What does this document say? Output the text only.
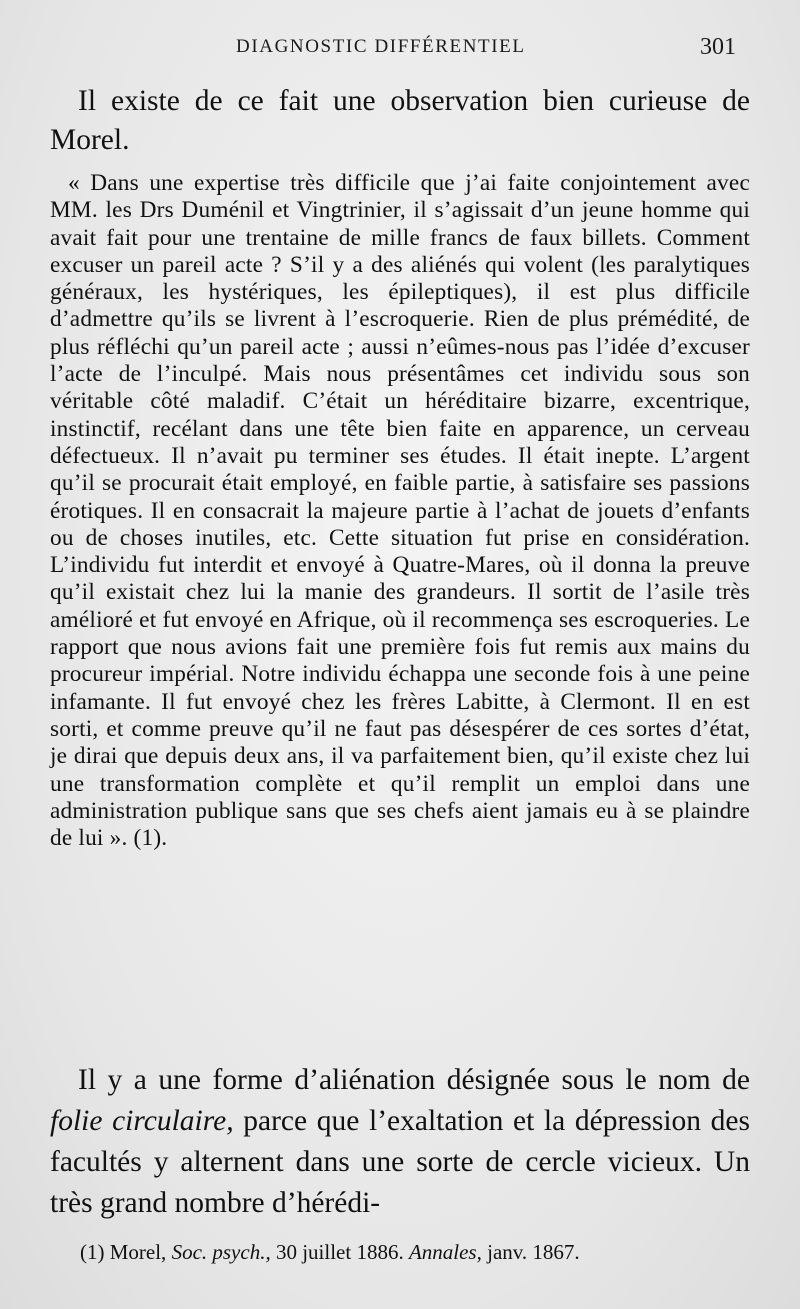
DIAGNOSTIC DIFFÉRENTIEL	301

Il existe de ce fait une observation bien curieuse de Morel.

« Dans une expertise très difficile que j’ai faite conjointement avec MM. les Drs Duménil et Vingtrinier, il s’agissait d’un jeune homme qui avait fait pour une trentaine de mille francs de faux billets. Comment excuser un pareil acte ? S’il y a des aliénés qui volent (les paralytiques généraux, les hystériques, les épileptiques), il est plus difficile d’admettre qu’ils se livrent à l’escroquerie. Rien de plus prémédité, de plus réfléchi qu’un pareil acte ; aussi n’eûmes-nous pas l’idée d’excuser l’acte de l’inculpé. Mais nous présentâmes cet individu sous son véritable côté maladif. C’était un héréditaire bizarre, excentrique, instinctif, recélant dans une tête bien faite en apparence, un cerveau défectueux. Il n’avait pu terminer ses études. Il était inepte. L’argent qu’il se procurait était employé, en faible partie, à satisfaire ses passions érotiques. Il en consacrait la majeure partie à l’achat de jouets d’enfants ou de choses inutiles, etc. Cette situation fut prise en considération. L’individu fut interdit et envoyé à Quatre-Mares, où il donna la preuve qu’il existait chez lui la manie des grandeurs. Il sortit de l’asile très amélioré et fut envoyé en Afrique, où il recommença ses escroqueries. Le rapport que nous avions fait une première fois fut remis aux mains du procureur impérial. Notre individu échappa une seconde fois à une peine infamante. Il fut envoyé chez les frères Labitte, à Clermont. Il en est sorti, et comme preuve qu’il ne faut pas désespérer de ces sortes d’état, je dirai que depuis deux ans, il va parfaitement bien, qu’il existe chez lui une transformation complète et qu’il remplit un emploi dans une administration publique sans que ses chefs aient jamais eu à se plaindre de lui ». (1).

Il y a une forme d’aliénation désignée sous le nom de folie circulaire, parce que l’exaltation et la dépression des facultés y alternent dans une sorte de cercle vicieux. Un très grand nombre d’hérédi-

(1) Morel, Soc. psych., 30 juillet 1886. Annales, janv. 1867.
